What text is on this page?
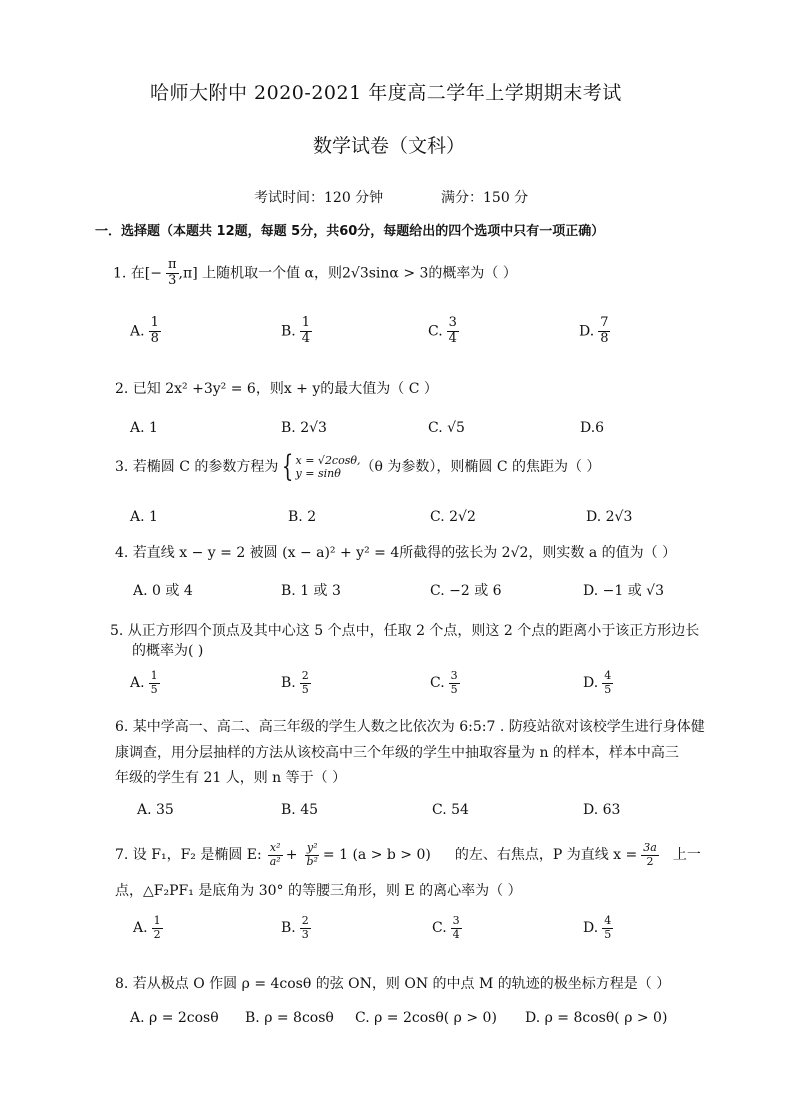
哈师大附中 2020-2021 年度高二学年上学期期末考试
数学试卷（文科）
考试时间：120 分钟	满分：150 分
一．选择题（本题共 12题，每题 5分，共60分，每题给出的四个选项中只有一项正确）
1. 在[− $\frac{\pi}{3} ,\pi$] 上随机取一个值 α，则2√3sinα > 3的概率为（ ）
A. $\frac{1}{8}$	B. $\frac{1}{4}$	C. $\frac{3}{4}$	D. $\frac{7}{8}$
2. 已知 2x² +3y² = 6，则x + y的最大值为（ C ）
A. 1	B. 2√3	C. √5	D.6
3. 若椭圆 C 的参数方程为 { x = √2cosθ,
y = sinθ	（θ 为参数），则椭圆 C 的焦距为（ ）
A. 1	B. 2	C. 2√2	D. 2√3
4. 若直线 x − y = 2 被圆 (x − a)² + y² = 4所截得的弦长为 2√2，则实数 a 的值为（ ）
A. 0 或 4	B. 1 或 3	C. −2 或 6	D. −1 或 √3
5. 从正方形四个顶点及其中心这 5 个点中，任取 2 个点，则这 2 个点的距离小于该正方形边长
的概率为( )
A. $\frac{1}{5}$	B. $\frac{2}{5}$	C. $\frac{3}{5}$	D. $\frac{4}{5}$
6. 某中学高一、高二、高三年级的学生人数之比依次为 6:5:7 . 防疫站欲对该校学生进行身体健
康调查，用分层抽样的方法从该校高中三个年级的学生中抽取容量为 n 的样本，样本中高三
年级的学生有 21 人，则 n 等于（ ）
A. 35	B. 45	C. 54	D. 63
7. 设 F₁，F₂ 是椭圆 E: $\frac{\text{x²}}{\text{a²}} + \frac{\text{y²}}{\text{b²}} = 1$ (a > b > 0) 的左、右焦点，P 为直线 $x = \frac{3a}{2}$ 上一
点，△F₂PF₁ 是底角为 30° 的等腰三角形，则 E 的离心率为（ ）
A. $\frac{1}{2}$	B. $\frac{2}{3}$	C. $\frac{3}{4}$	D. $\frac{4}{5}$
8. 若从极点 O 作圆 ρ = 4cosθ 的弦 ON，则 ON 的中点 M 的轨迹的极坐标方程是（ ）
A. ρ = 2cosθ B. ρ = 8cosθ C. ρ = 2cosθ( ρ > 0) D. ρ = 8cosθ( ρ > 0)
